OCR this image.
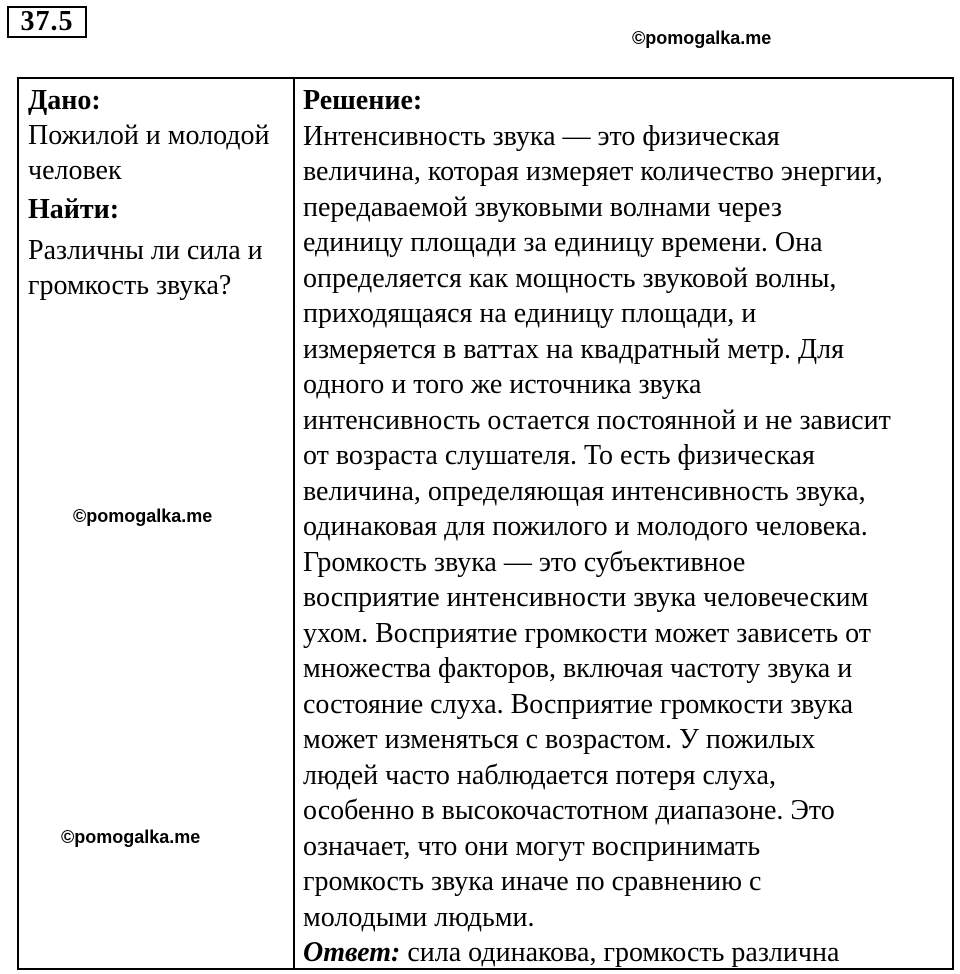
37.5
Дано:
Пожилой и молодой человек
Найти:
Различны ли сила и громкость звука?
Решение:

Интенсивность звука — это физическая
величина, которая измеряет количество энергии,
передаваемой звуковыми волнами через
единицу площади за единицу времени. Она
определяется как мощность звуковой волны,
приходящаяся на единицу площади, и
измеряется в ваттах на квадратный метр. Для
одного и того же источника звука
интенсивность остается постоянной и не зависит
от возраста слушателя. То есть физическая
величина, определяющая интенсивность звука,
одинаковая для пожилого и молодого человека.
Громкость звука — это субъективное
восприятие интенсивности звука человеческим
ухом. Восприятие громкости может зависеть от
множества факторов, включая частоту звука и
состояние слуха. Восприятие громкости звука
может изменяться с возрастом. У пожилых
людей часто наблюдается потеря слуха,
особенно в высокочастотном диапазоне. Это
означает, что они могут воспринимать
громкость звука иначе по сравнению с
молодыми людьми.

Ответ: сила одинакова, громкость различна

©pomogalka.me
©pomogalka.me
©pomogalka.me
